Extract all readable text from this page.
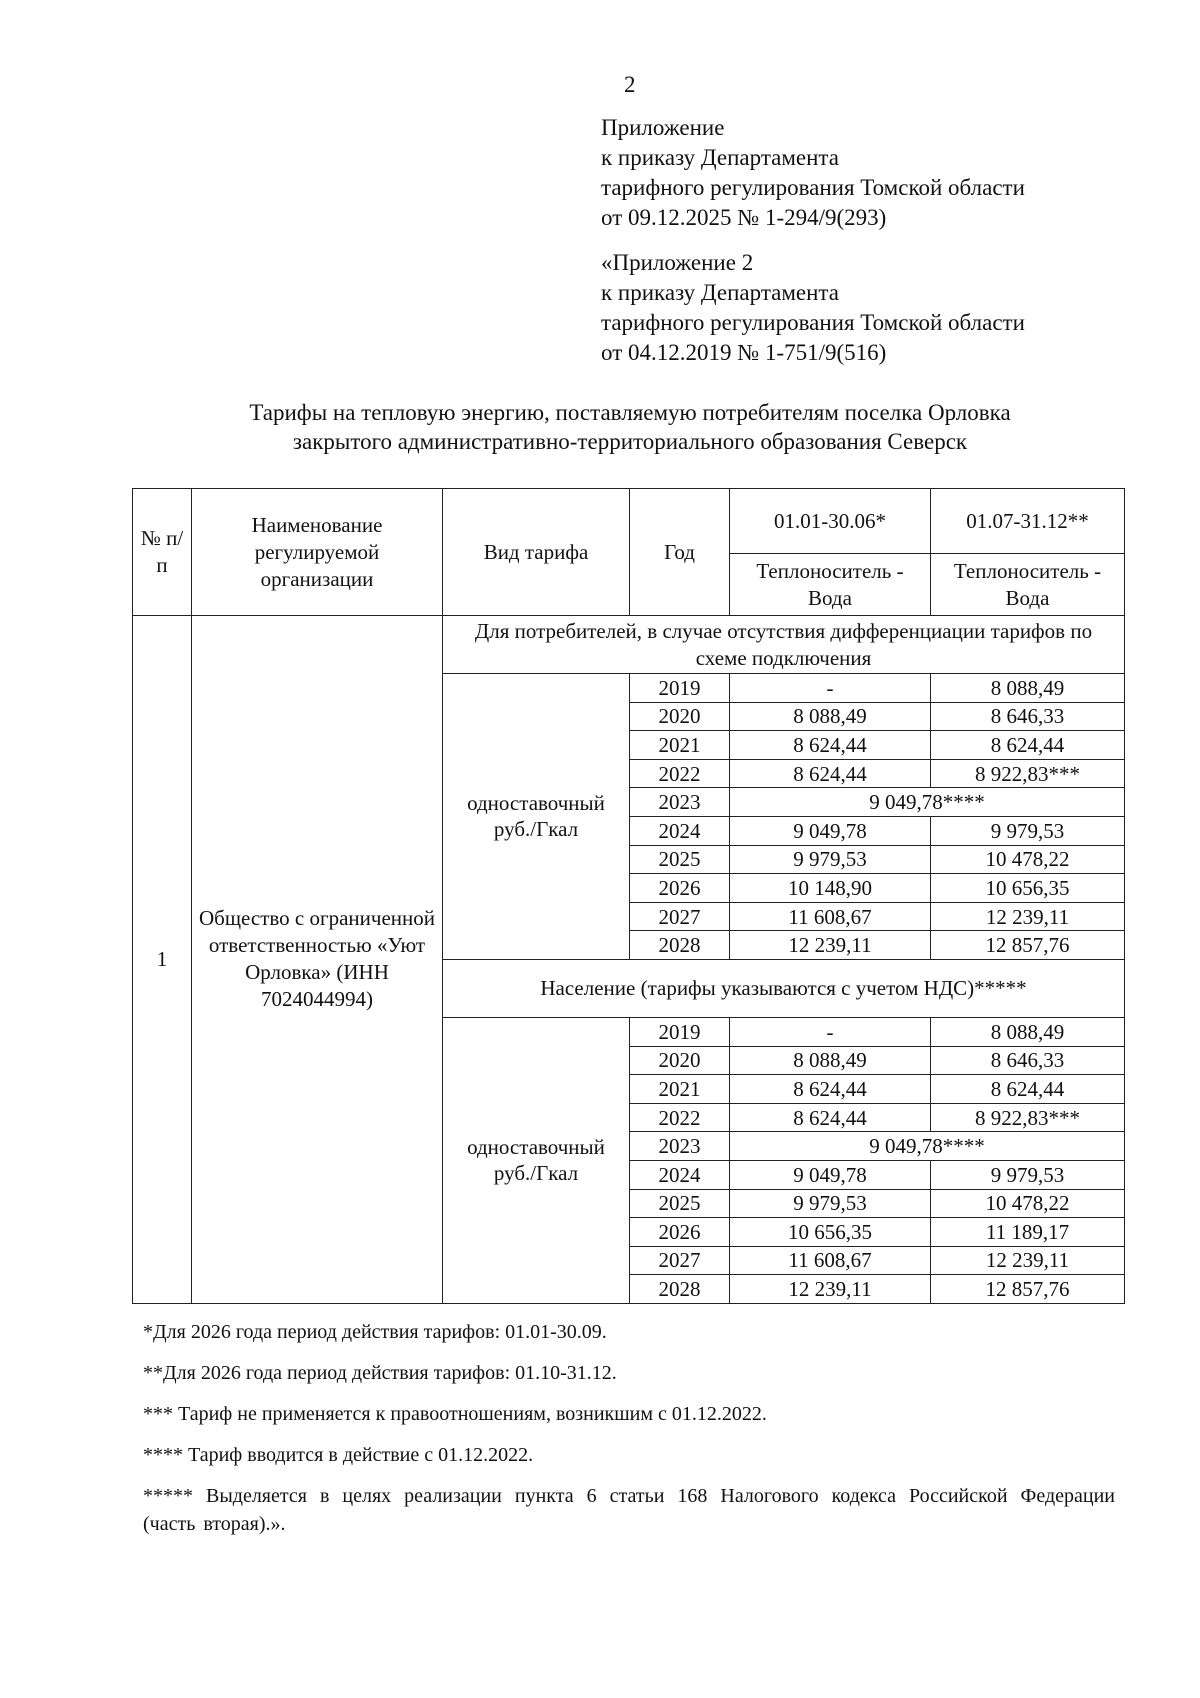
2
Приложение
к приказу Департамента
тарифного регулирования Томской области
от 09.12.2025 № 1-294/9(293)
«Приложение 2
к приказу Департамента
тарифного регулирования Томской области
от 04.12.2019 № 1-751/9(516)
Тарифы на тепловую энергию, поставляемую потребителям поселка Орловка
закрытого административно-территориального образования Северск
№ п/п	Наименование регулируемой организации	Вид тарифа	Год	01.01-30.06*	01.07-31.12**
				Теплоноситель - Вода	Теплоноситель - Вода
1	Общество с ограниченной ответственностью «Уют Орловка» (ИНН 7024044994)	Для потребителей, в случае отсутствия дифференциации тарифов по схеме подключения			
		одноставочный руб./Гкал	2019	-	8 088,49
			2020	8 088,49	8 646,33
			2021	8 624,44	8 624,44
			2022	8 624,44	8 922,83***
			2023	9 049,78****	
			2024	9 049,78	9 979,53
			2025	9 979,53	10 478,22
			2026	10 148,90	10 656,35
			2027	11 608,67	12 239,11
			2028	12 239,11	12 857,76
		Население (тарифы указываются с учетом НДС)*****			
		одноставочный руб./Гкал	2019	-	8 088,49
			2020	8 088,49	8 646,33
			2021	8 624,44	8 624,44
			2022	8 624,44	8 922,83***
			2023	9 049,78****	
			2024	9 049,78	9 979,53
			2025	9 979,53	10 478,22
			2026	10 656,35	11 189,17
			2027	11 608,67	12 239,11
			2028	12 239,11	12 857,76

*Для 2026 года период действия тарифов: 01.01-30.09.

**Для 2026 года период действия тарифов: 01.10-31.12.

*** Тариф не применяется к правоотношениям, возникшим с 01.12.2022.

**** Тариф вводится в действие с 01.12.2022.

***** Выделяется в целях реализации пункта 6 статьи 168 Налогового кодекса Российской Федерации (часть вторая).».
